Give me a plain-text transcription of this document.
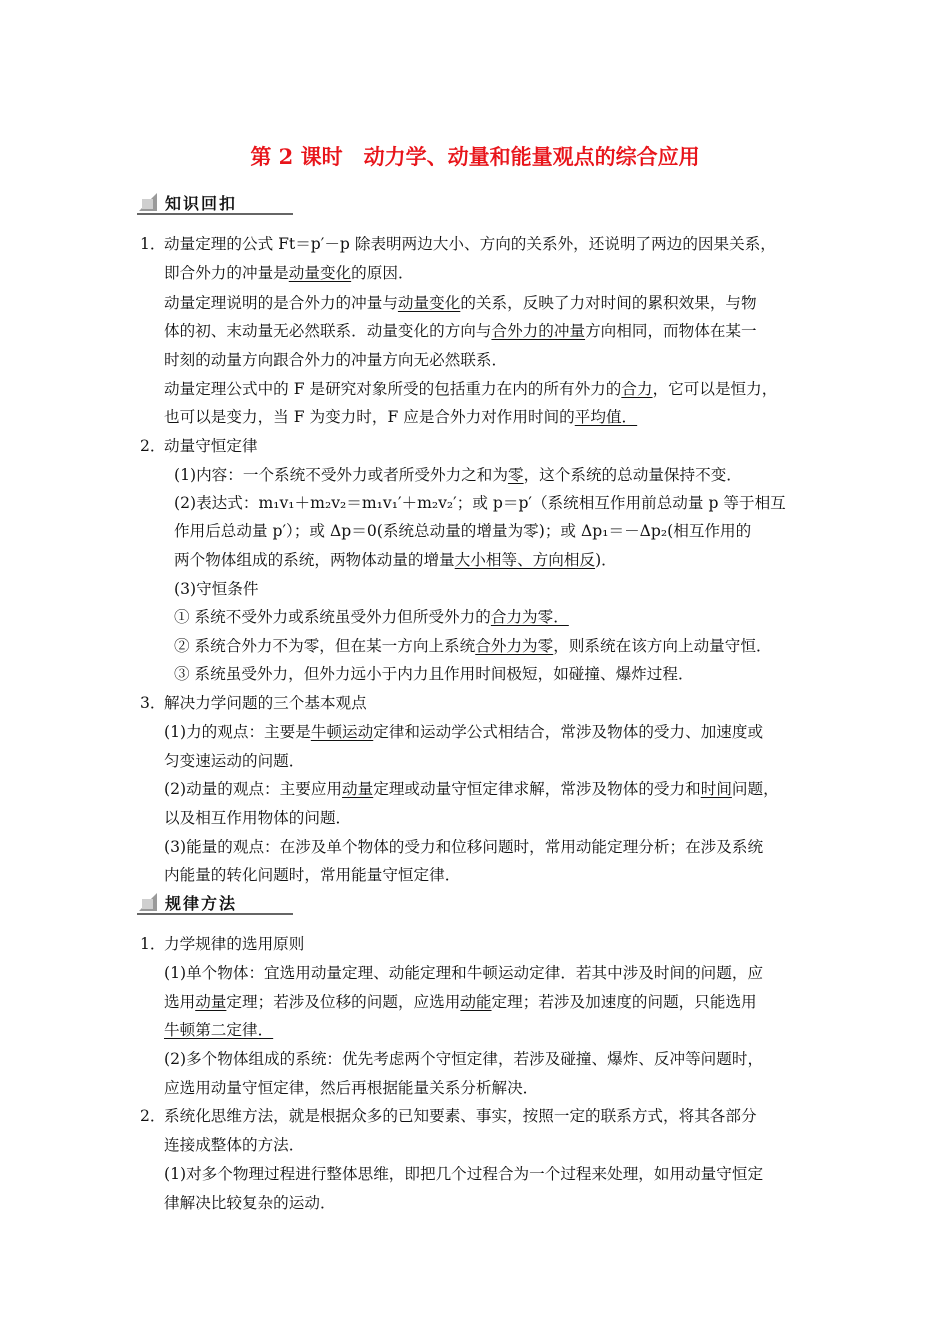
第 2 课时　动力学、动量和能量观点的综合应用
知识回扣
1．
动量定理的公式 Ft＝p′－p 除表明两边大小、方向的关系外，还说明了两边的因果关系，
即合外力的冲量是动量变化的原因．
动量定理说明的是合外力的冲量与动量变化的关系，反映了力对时间的累积效果，与物
体的初、末动量无必然联系．动量变化的方向与合外力的冲量方向相同，而物体在某一
时刻的动量方向跟合外力的冲量方向无必然联系．
动量定理公式中的 F 是研究对象所受的包括重力在内的所有外力的合力，它可以是恒力，
也可以是变力，当 F 为变力时，F 应是合外力对作用时间的平均值．
2．
动量守恒定律
(1)内容：一个系统不受外力或者所受外力之和为零，这个系统的总动量保持不变．
(2)表达式：m₁v₁＋m₂v₂＝m₁v₁′＋m₂v₂′；或 p＝p′（系统相互作用前总动量 p 等于相互
作用后总动量 p′）；或 Δp＝0(系统总动量的增量为零)；或 Δp₁＝－Δp₂(相互作用的
两个物体组成的系统，两物体动量的增量大小相等、方向相反)．
(3)守恒条件
① 系统不受外力或系统虽受外力但所受外力的合力为零．
② 系统合外力不为零，但在某一方向上系统合外力为零，则系统在该方向上动量守恒．
③ 系统虽受外力，但外力远小于内力且作用时间极短，如碰撞、爆炸过程．
3．
解决力学问题的三个基本观点
(1)力的观点：主要是牛顿运动定律和运动学公式相结合，常涉及物体的受力、加速度或
匀变速运动的问题．
(2)动量的观点：主要应用动量定理或动量守恒定律求解，常涉及物体的受力和时间问题，
以及相互作用物体的问题．
(3)能量的观点：在涉及单个物体的受力和位移问题时，常用动能定理分析；在涉及系统
内能量的转化问题时，常用能量守恒定律．
规律方法
1．
力学规律的选用原则
(1)单个物体：宜选用动量定理、动能定理和牛顿运动定律．若其中涉及时间的问题，应
选用动量定理；若涉及位移的问题，应选用动能定理；若涉及加速度的问题，只能选用
牛顿第二定律．
(2)多个物体组成的系统：优先考虑两个守恒定律，若涉及碰撞、爆炸、反冲等问题时，
应选用动量守恒定律，然后再根据能量关系分析解决．
2．
系统化思维方法，就是根据众多的已知要素、事实，按照一定的联系方式，将其各部分
连接成整体的方法．
(1)对多个物理过程进行整体思维，即把几个过程合为一个过程来处理，如用动量守恒定
律解决比较复杂的运动．
